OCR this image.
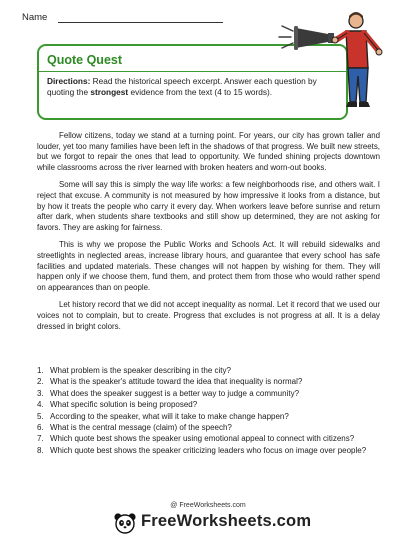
Name
Quote Quest
Directions: Read the historical speech excerpt. Answer each question by quoting the strongest evidence from the text (4 to 15 words).

Fellow citizens, today we stand at a turning point. For years, our city has grown taller and louder, yet too many families have been left in the shadows of that progress. We built new streets, but we forgot to repair the ones that lead to opportunity. We funded shining projects downtown while classrooms across the river learned with broken heaters and worn-out books.

Some will say this is simply the way life works: a few neighborhoods rise, and others wait. I reject that excuse. A community is not measured by how impressive it looks from a distance, but by how it treats the people who carry it every day. When workers leave before sunrise and return after dark, when students share textbooks and still show up determined, they are not asking for favors. They are asking for fairness.

This is why we propose the Public Works and Schools Act. It will rebuild sidewalks and streetlights in neglected areas, increase library hours, and guarantee that every school has safe facilities and updated materials. These changes will not happen by wishing for them. They will happen only if we choose them, fund them, and protect them from those who would rather spend on appearances than on people.

Let history record that we did not accept inequality as normal. Let it record that we used our voices not to complain, but to create. Progress that excludes is not progress at all. It is a delay dressed in bright colors.

1. What problem is the speaker describing in the city?
2. What is the speaker's attitude toward the idea that inequality is normal?
3. What does the speaker suggest is a better way to judge a community?
4. What specific solution is being proposed?
5. According to the speaker, what will it take to make change happen?
6. What is the central message (claim) of the speech?
7. Which quote best shows the speaker using emotional appeal to connect with citizens?
8. Which quote best shows the speaker criticizing leaders who focus on image over people?
@ FreeWorksheets.com
FreeWorksheets.com
